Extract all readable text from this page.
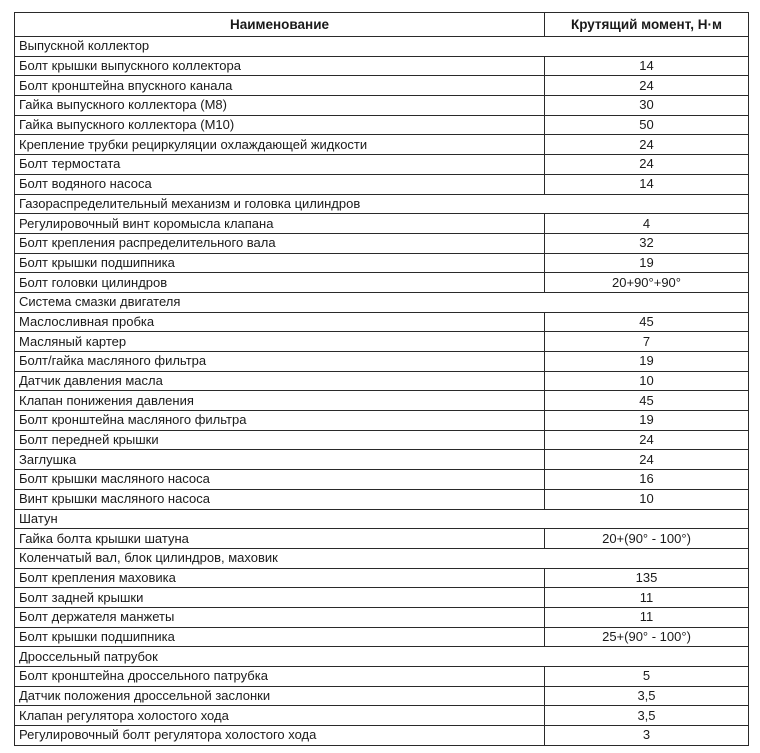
Наименование	Крутящий момент, Н·м
Выпускной коллектор	
Болт крышки выпускного коллектора	14
Болт кронштейна впускного канала	24
Гайка выпускного коллектора (М8)	30
Гайка выпускного коллектора (М10)	50
Крепление трубки рециркуляции охлаждающей жидкости	24
Болт термостата	24
Болт водяного насоса	14
Газораспределительный механизм и головка цилиндров	
Регулировочный винт коромысла клапана	4
Болт крепления распределительного вала	32
Болт крышки подшипника	19
Болт головки цилиндров	20+90°+90°
Система смазки двигателя	
Маслосливная пробка	45
Масляный картер	7
Болт/гайка масляного фильтра	19
Датчик давления масла	10
Клапан понижения давления	45
Болт кронштейна масляного фильтра	19
Болт передней крышки	24
Заглушка	24
Болт крышки масляного насоса	16
Винт крышки масляного насоса	10
Шатун	
Гайка болта крышки шатуна	20+(90° - 100°)
Коленчатый вал, блок цилиндров, маховик	
Болт крепления маховика	135
Болт задней крышки	11
Болт держателя манжеты	11
Болт крышки подшипника	25+(90° - 100°)
Дроссельный патрубок	
Болт кронштейна дроссельного патрубка	5
Датчик положения дроссельной заслонки	3,5
Клапан регулятора холостого хода	3,5
Регулировочный болт регулятора холостого хода	3
